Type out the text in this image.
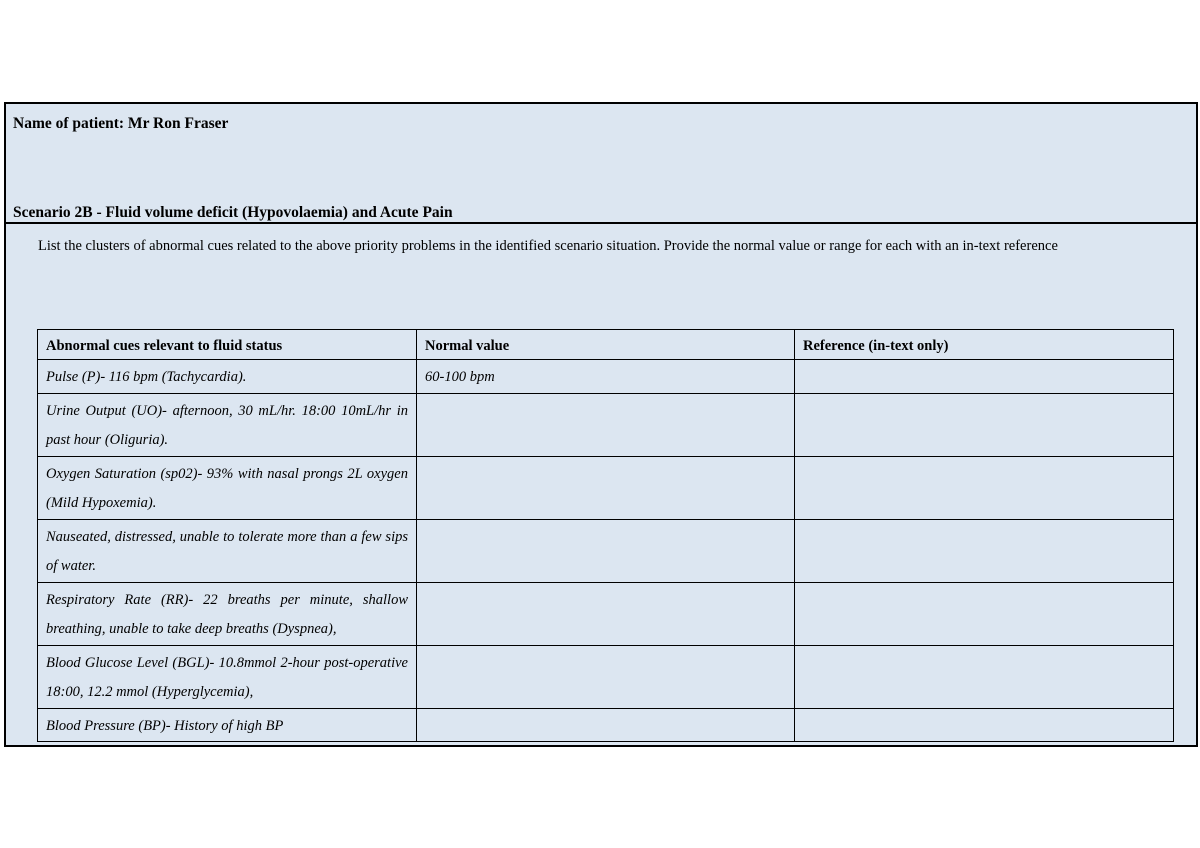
Name of patient: Mr Ron Fraser
Scenario 2B - Fluid volume deficit (Hypovolaemia) and Acute Pain
List the clusters of abnormal cues related to the above priority problems in the identified scenario situation. Provide the normal value or range for each with an in-text reference
Abnormal cues relevant to fluid status	Normal value	Reference (in-text only)
Pulse (P)- 116 bpm (Tachycardia).	60-100 bpm	
Urine Output (UO)- afternoon, 30 mL/hr. 18:00 10mL/hr in past hour (Oliguria).		
Oxygen Saturation (sp02)- 93% with nasal prongs 2L oxygen (Mild Hypoxemia).		
Nauseated, distressed, unable to tolerate more than a few sips of water.		
Respiratory Rate (RR)- 22 breaths per minute, shallow breathing, unable to take deep breaths (Dyspnea),		
Blood Glucose Level (BGL)- 10.8mmol 2-hour post-operative 18:00, 12.2 mmol (Hyperglycemia),		
Blood Pressure (BP)- History of high BP		
